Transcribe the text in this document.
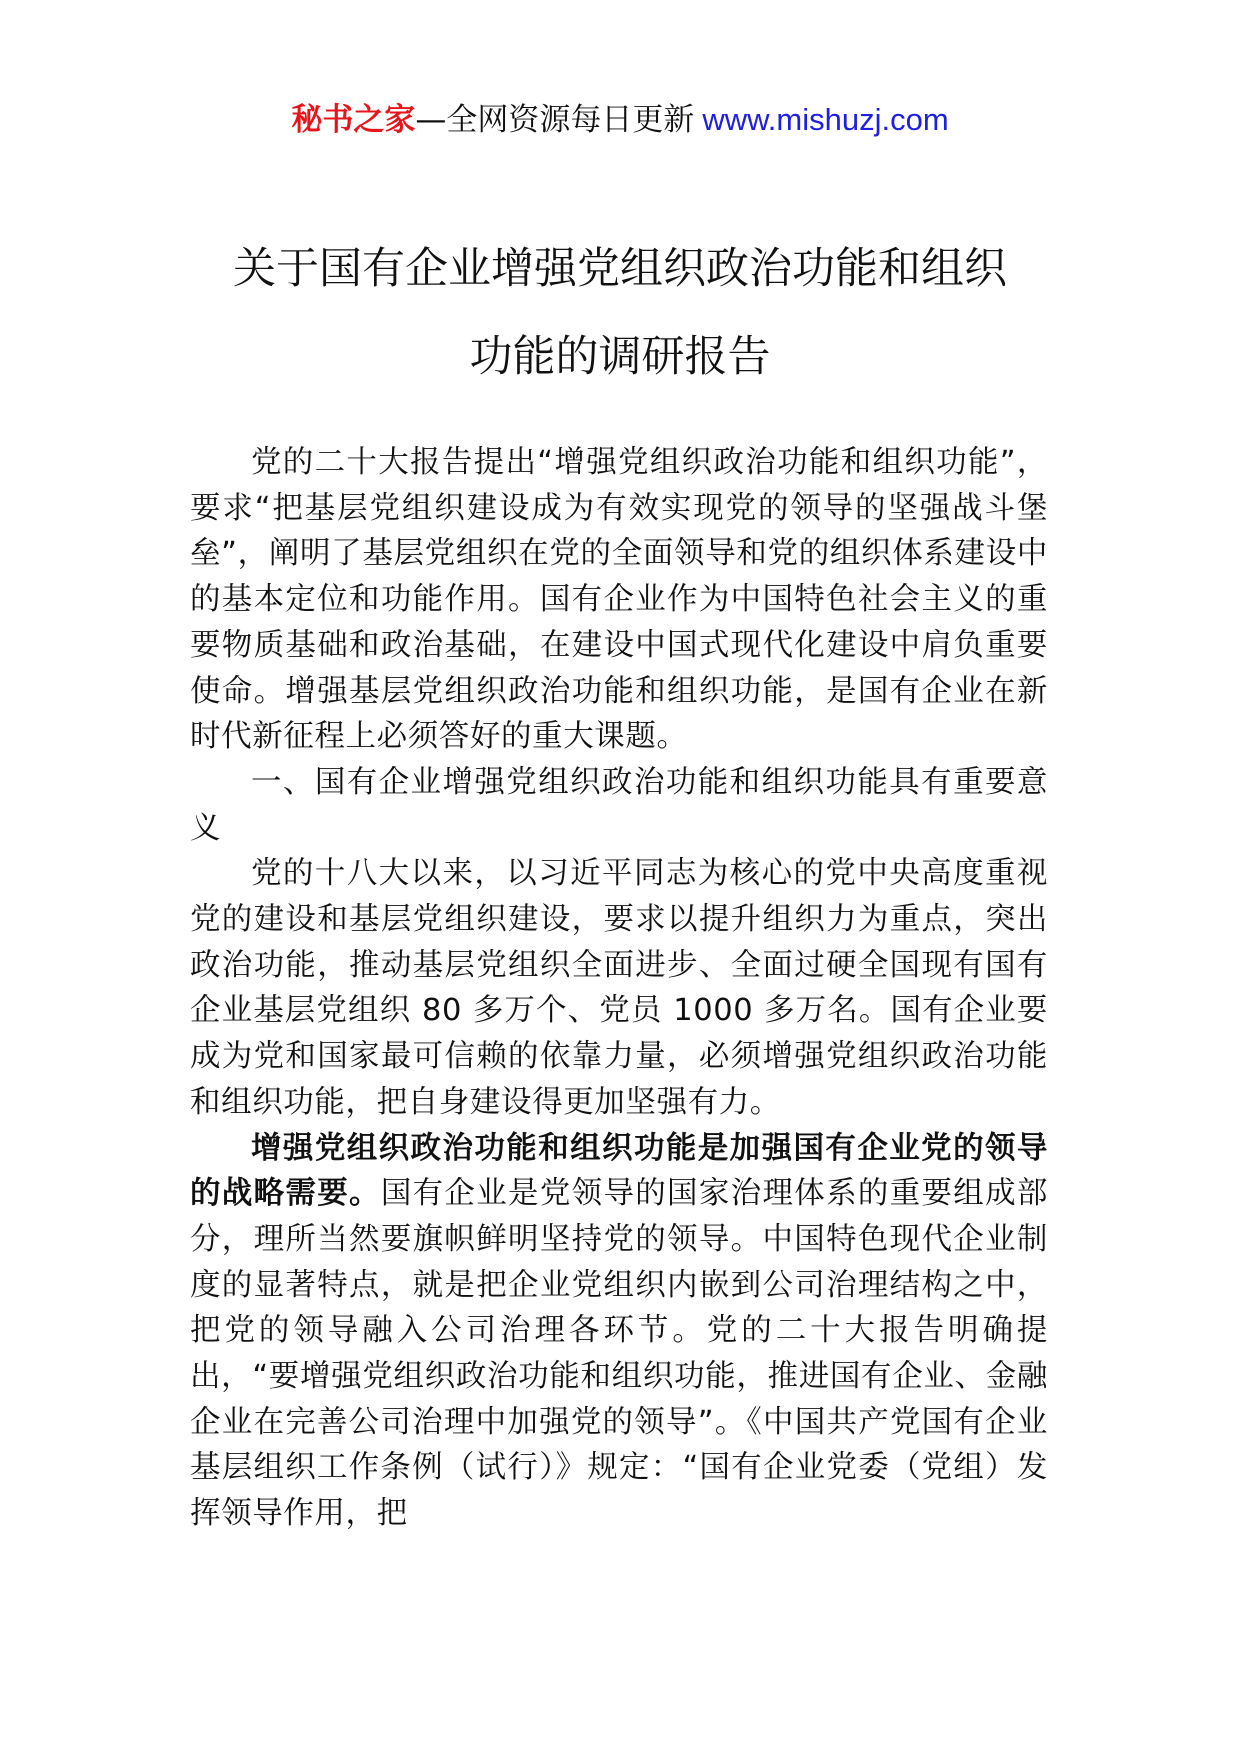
秘书之家—全网资源每日更新 www.mishuzj.com
关于国有企业增强党组织政治功能和组织
功能的调研报告

党的二十大报告提出“增强党组织政治功能和组织功能”，要求“把基层党组织建设成为有效实现党的领导的坚强战斗堡垒”，阐明了基层党组织在党的全面领导和党的组织体系建设中的基本定位和功能作用。国有企业作为中国特色社会主义的重要物质基础和政治基础，在建设中国式现代化建设中肩负重要使命。增强基层党组织政治功能和组织功能，是国有企业在新时代新征程上必须答好的重大课题。

一、国有企业增强党组织政治功能和组织功能具有重要意义

党的十八大以来，以习近平同志为核心的党中央高度重视党的建设和基层党组织建设，要求以提升组织力为重点，突出政治功能，推动基层党组织全面进步、全面过硬全国现有国有企业基层党组织 80 多万个、党员 1000 多万名。国有企业要成为党和国家最可信赖的依靠力量，必须增强党组织政治功能和组织功能，把自身建设得更加坚强有力。

增强党组织政治功能和组织功能是加强国有企业党的领导的战略需要。国有企业是党领导的国家治理体系的重要组成部分，理所当然要旗帜鲜明坚持党的领导。中国特色现代企业制度的显著特点，就是把企业党组织内嵌到公司治理结构之中，把党的领导融入公司治理各环节。党的二十大报告明确提出，“要增强党组织政治功能和组织功能，推进国有企业、金融企业在完善公司治理中加强党的领导”。《中国共产党国有企业基层组织工作条例（试行）》规定：“国有企业党委（党组）发挥领导作用，把
